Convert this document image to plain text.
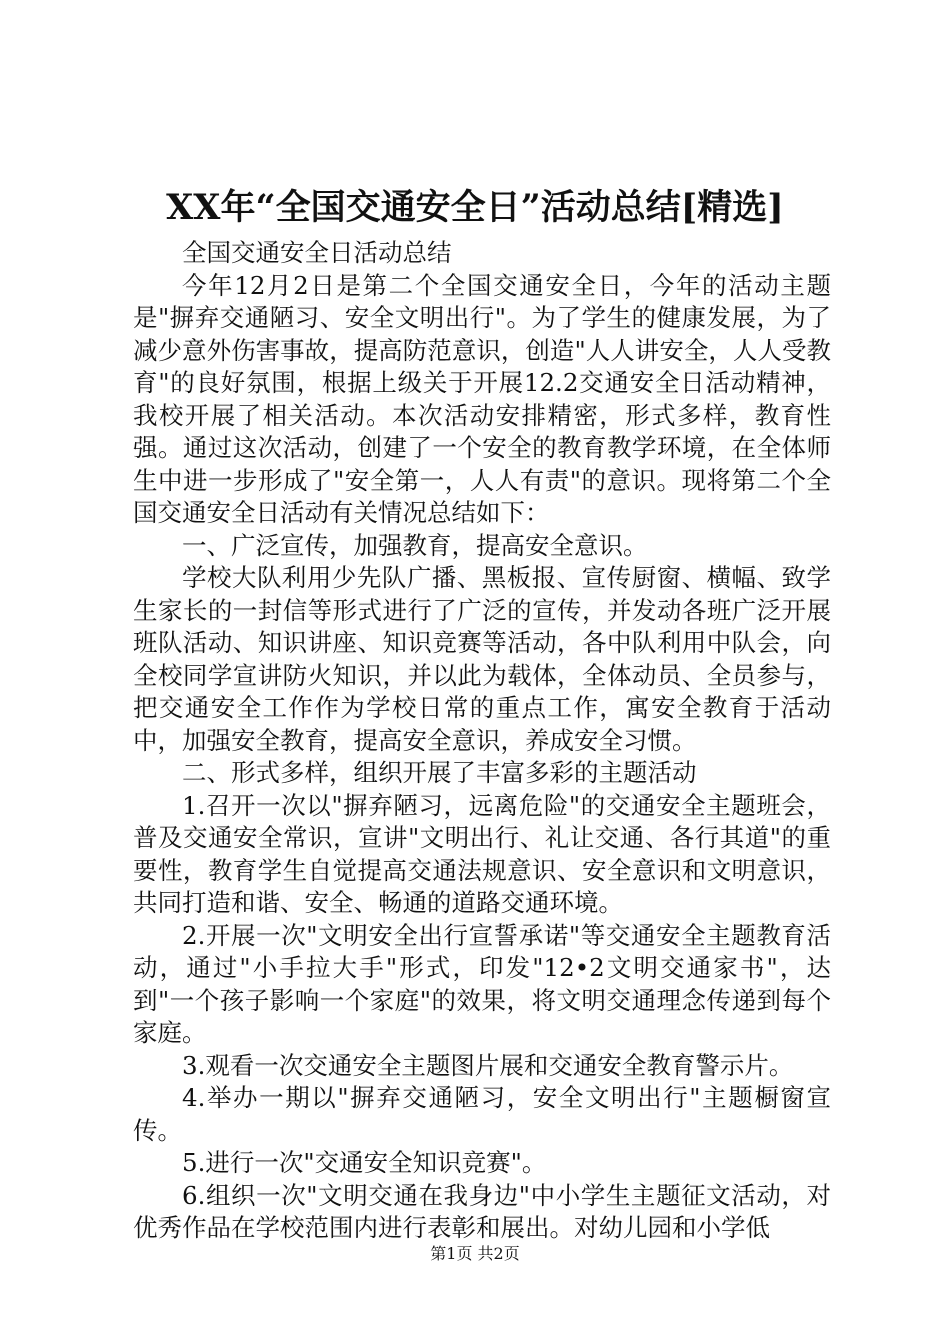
XX年“全国交通安全日”活动总结[精选]

全国交通安全日活动总结

今年12月2日是第二个全国交通安全日，今年的活动主题是"摒弃交通陋习、安全文明出行"。为了学生的健康发展，为了减少意外伤害事故，提高防范意识，创造"人人讲安全，人人受教育"的良好氛围，根据上级关于开展12.2交通安全日活动精神，我校开展了相关活动。本次活动安排精密，形式多样，教育性强。通过这次活动，创建了一个安全的教育教学环境，在全体师生中进一步形成了"安全第一，人人有责"的意识。现将第二个全国交通安全日活动有关情况总结如下：

一、广泛宣传，加强教育，提高安全意识。

学校大队利用少先队广播、黑板报、宣传厨窗、横幅、致学生家长的一封信等形式进行了广泛的宣传，并发动各班广泛开展班队活动、知识讲座、知识竞赛等活动，各中队利用中队会，向全校同学宣讲防火知识，并以此为载体，全体动员、全员参与，把交通安全工作作为学校日常的重点工作，寓安全教育于活动中，加强安全教育，提高安全意识，养成安全习惯。

二、形式多样，组织开展了丰富多彩的主题活动

1.召开一次以"摒弃陋习，远离危险"的交通安全主题班会，普及交通安全常识，宣讲"文明出行、礼让交通、各行其道"的重要性，教育学生自觉提高交通法规意识、安全意识和文明意识，共同打造和谐、安全、畅通的道路交通环境。

2.开展一次"文明安全出行宣誓承诺"等交通安全主题教育活动，通过"小手拉大手"形式，印发"12•2文明交通家书"，达到"一个孩子影响一个家庭"的效果，将文明交通理念传递到每个家庭。

3.观看一次交通安全主题图片展和交通安全教育警示片。

4.举办一期以"摒弃交通陋习，安全文明出行"主题橱窗宣传。

5.进行一次"交通安全知识竞赛"。

6.组织一次"文明交通在我身边"中小学生主题征文活动，对优秀作品在学校范围内进行表彰和展出。对幼儿园和小学低

第1页 共2页
